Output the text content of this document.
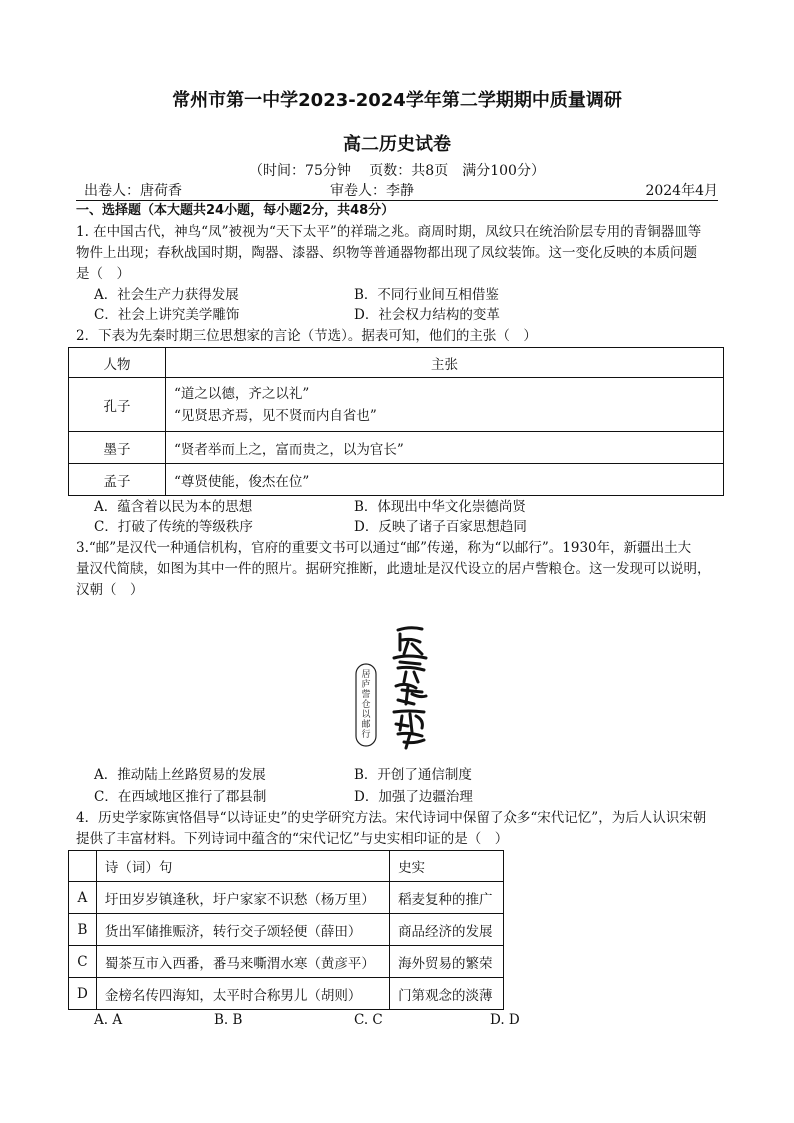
常州市第一中学2023-2024学年第二学期期中质量调研
高二历史试卷
（时间：75分钟　 页数：共8页　满分100分）
出卷人：唐荷香	审卷人：李静	2024年4月
一、选择题（本大题共24小题，每小题2分，共48分）
1. 在中国古代，神鸟“凤”被视为“天下太平”的祥瑞之兆。商周时期，凤纹只在统治阶层专用的青铜器皿等
物件上出现；春秋战国时期，陶器、漆器、织物等普通器物都出现了凤纹装饰。这一变化反映的本质问题
是（　）
A．社会生产力获得发展	B．不同行业间互相借鉴
C．社会上讲究美学雕饰	D．社会权力结构的变革
2．下表为先秦时期三位思想家的言论（节选）。据表可知，他们的主张（　）
人物	主张
孔子	“道之以德，齐之以礼”
“见贤思齐焉，见不贤而内自省也”

墨子	“贤者举而上之，富而贵之，以为官长”
孟子	“尊贤使能，俊杰在位”
A．蕴含着以民为本的思想	B．体现出中华文化崇德尚贤
C．打破了传统的等级秩序	D．反映了诸子百家思想趋同
3.“邮”是汉代一种通信机构，官府的重要文书可以通过“邮”传递，称为“以邮行”。1930年，新疆出土大
量汉代简牍，如图为其中一件的照片。据研究推断，此遗址是汉代设立的居卢訾粮仓。这一发现可以说明，
汉朝（　）
居庐訾仓以邮行
A．推动陆上丝路贸易的发展	B．开创了通信制度
C．在西域地区推行了郡县制	D．加强了边疆治理
4．历史学家陈寅恪倡导“以诗证史”的史学研究方法。宋代诗词中保留了众多“宋代记忆”，为后人认识宋朝
提供了丰富材料。下列诗词中蕴含的“宋代记忆”与史实相印证的是（　）
	诗（词）句	史实
A	圩田岁岁镇逢秋，圩户家家不识愁（杨万里）	稻麦复种的推广
B	货出军储推赈济，转行交子颂轻便（薛田）	商品经济的发展
C	蜀茶互市入西番，番马来嘶渭水寒（黄彦平）	海外贸易的繁荣
D	金榜名传四海知，太平时合称男儿（胡则）	门第观念的淡薄
A. A	B. B	C. C	D. D
